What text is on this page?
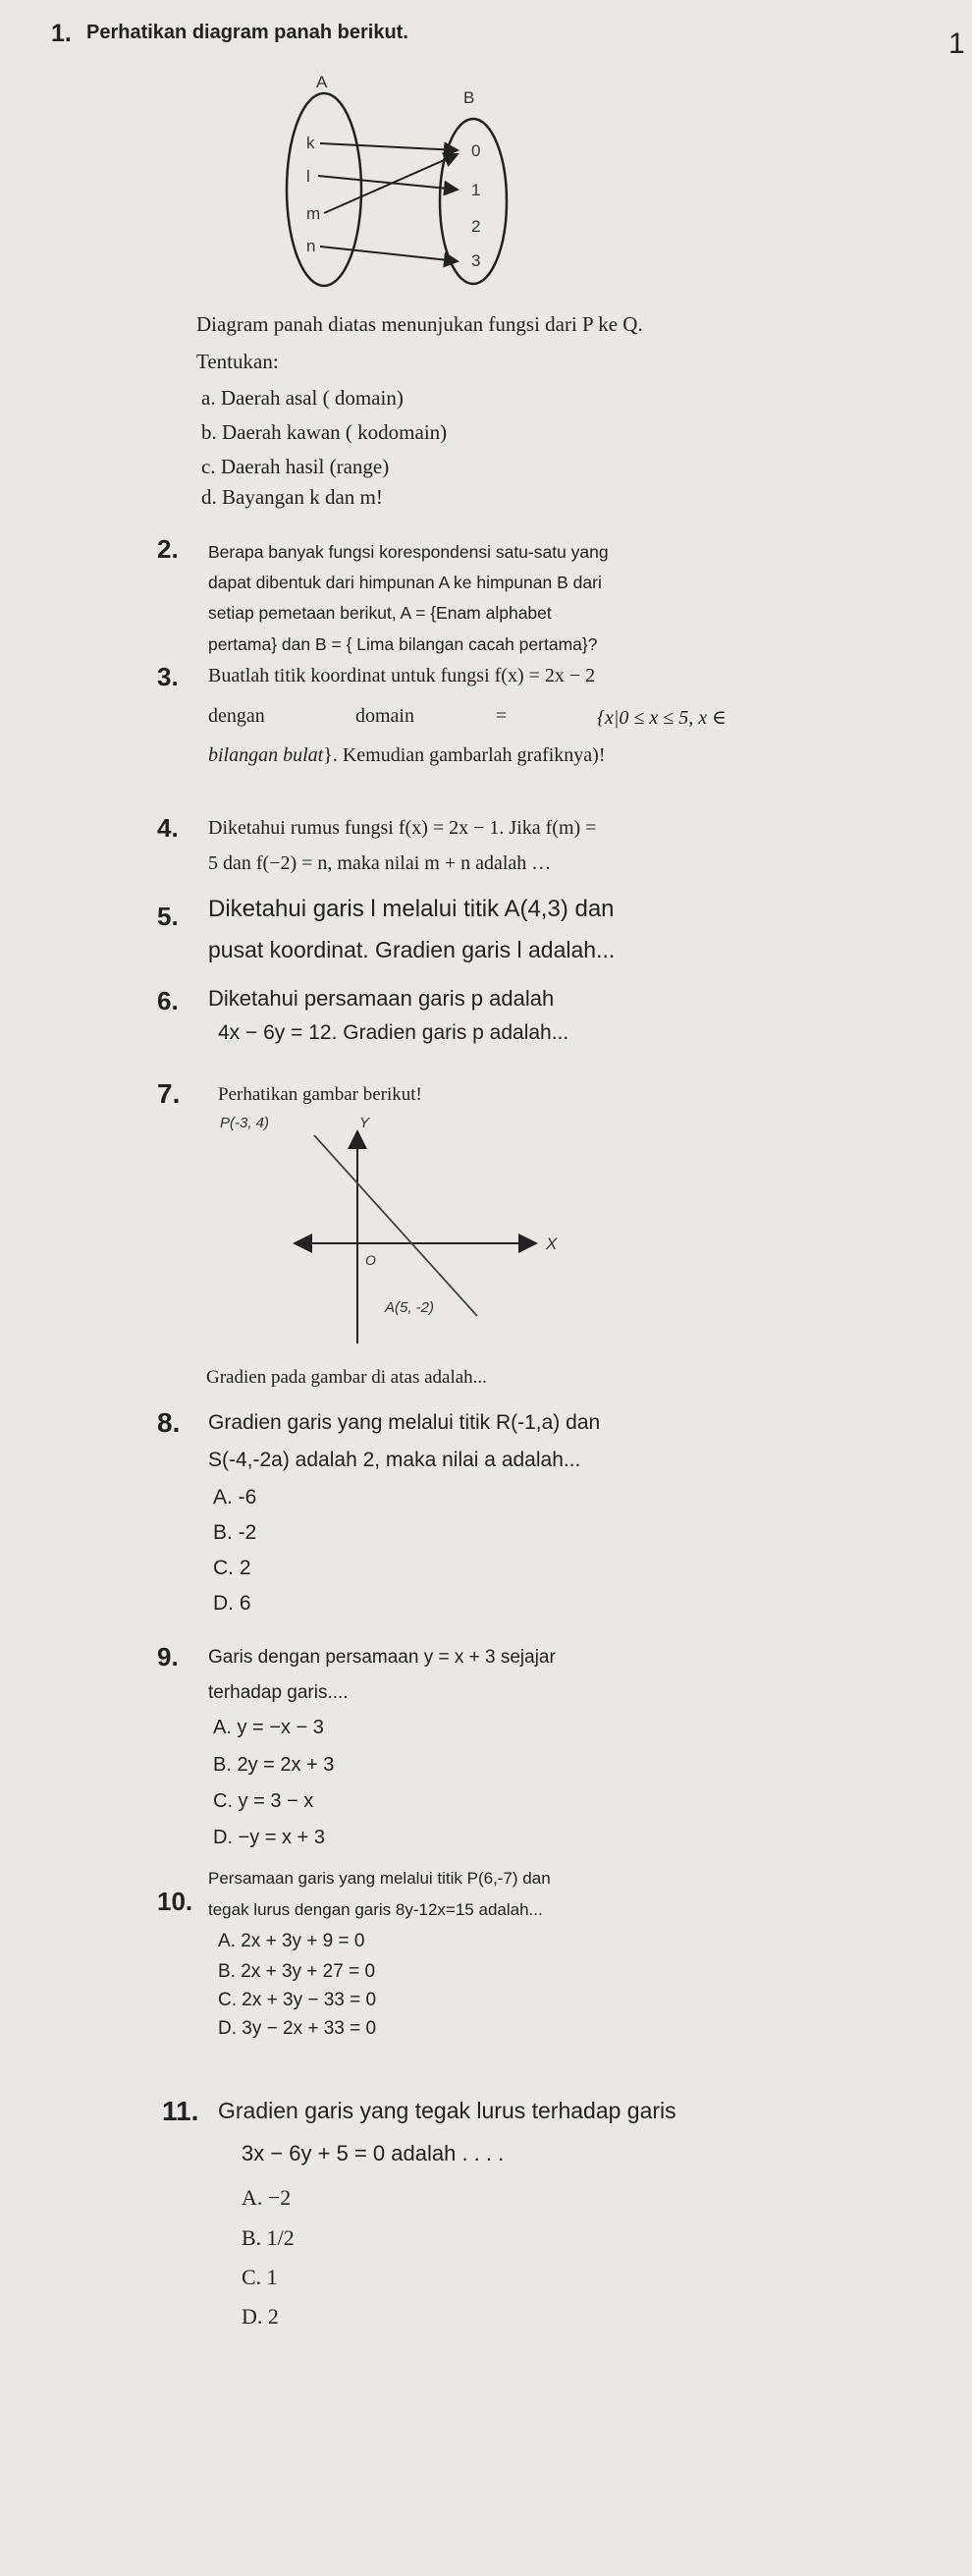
1
1. Perhatikan diagram panah berikut.
A
B
k
l
m
n
0
1
2
3
Diagram panah diatas menunjukan fungsi dari P ke Q.
Tentukan:
a. Daerah asal ( domain)
b. Daerah kawan ( kodomain)
c. Daerah hasil (range)
d. Bayangan k dan m!
2. Berapa banyak fungsi korespondensi satu-satu yang
dapat dibentuk dari himpunan A ke himpunan B dari
setiap pemetaan berikut, A = {Enam alphabet
pertama} dan B = { Lima bilangan cacah pertama}?
3. Buatlah titik koordinat untuk fungsi f(x) = 2x − 2
dengan	domain	=	{x|0 ≤ x ≤ 5, x ∈
bilangan bulat}. Kemudian gambarlah grafiknya)!
4. Diketahui rumus fungsi f(x) = 2x − 1. Jika f(m) =
5 dan f(−2) = n, maka nilai m + n adalah …
5. Diketahui garis l melalui titik A(4,3) dan
pusat koordinat. Gradien garis l adalah...
6. Diketahui persamaan garis p adalah
4x − 6y = 12. Gradien garis p adalah...
7. Perhatikan gambar berikut!
P(-3, 4)	Y
X
O
A(5, -2)
Gradien pada gambar di atas adalah...
8. Gradien garis yang melalui titik R(-1,a) dan
S(-4,-2a) adalah 2, maka nilai a adalah...
A. -6
B. -2
C. 2
D. 6
9. Garis dengan persamaan y = x + 3 sejajar
terhadap garis....
A. y = −x − 3
B. 2y = 2x + 3
C. y = 3 − x
D. −y = x + 3
10.
Persamaan garis yang melalui titik P(6,-7) dan
tegak lurus dengan garis 8y-12x=15 adalah...
A. 2x + 3y + 9 = 0
B. 2x + 3y + 27 = 0
C. 2x + 3y − 33 = 0
D. 3y − 2x + 33 = 0
11. Gradien garis yang tegak lurus terhadap garis
3x − 6y + 5 = 0 adalah . . . .
A. −2
B. 1/2
C. 1
D. 2
